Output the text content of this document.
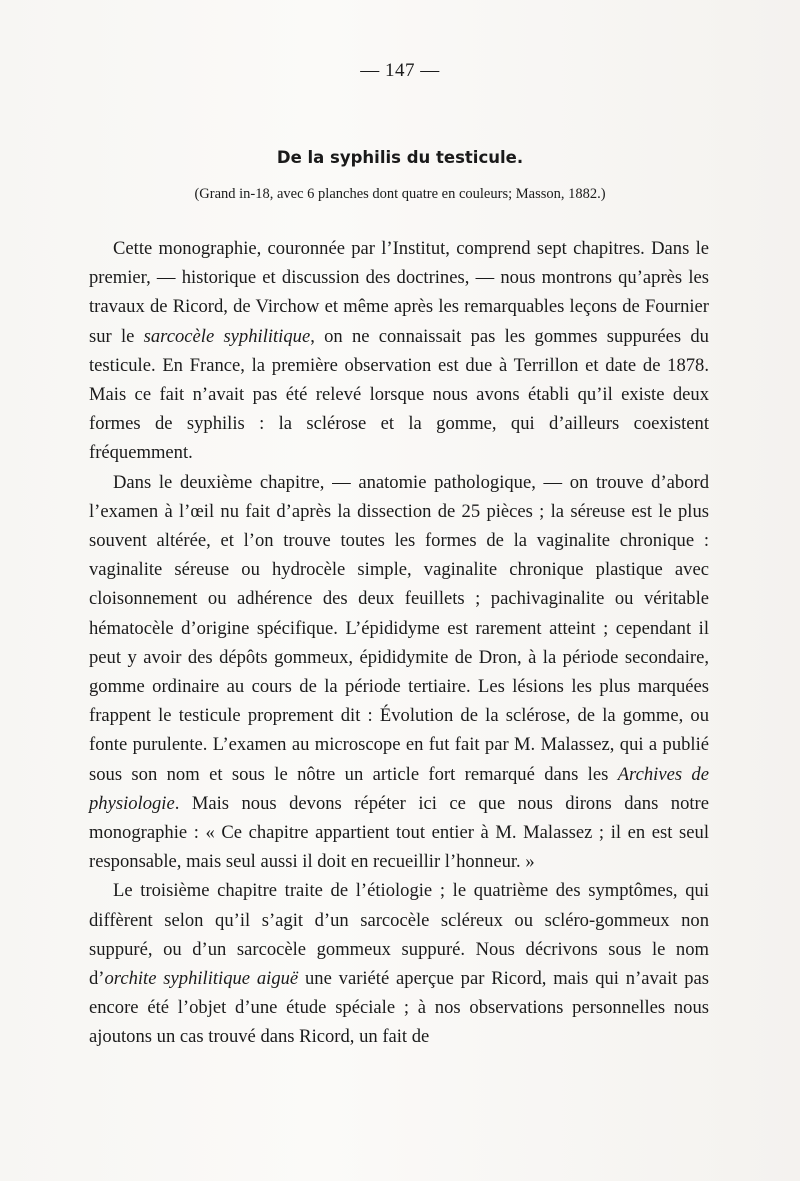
— 147 —
De la syphilis du testicule.
(Grand in-18, avec 6 planches dont quatre en couleurs; Masson, 1882.)

Cette monographie, couronnée par l’Institut, comprend sept chapitres. Dans le premier, — historique et discussion des doctrines, — nous montrons qu’après les travaux de Ricord, de Virchow et même après les remarquables leçons de Fournier sur le sarcocèle syphilitique, on ne connaissait pas les gommes suppurées du testicule. En France, la première observation est due à Terrillon et date de 1878. Mais ce fait n’avait pas été relevé lorsque nous avons établi qu’il existe deux formes de syphilis : la sclérose et la gomme, qui d’ailleurs coexistent fréquemment.

Dans le deuxième chapitre, — anatomie pathologique, — on trouve d’abord l’examen à l’œil nu fait d’après la dissection de 25 pièces ; la séreuse est le plus souvent altérée, et l’on trouve toutes les formes de la vaginalite chronique : vaginalite séreuse ou hydrocèle simple, vaginalite chronique plastique avec cloisonnement ou adhérence des deux feuillets ; pachivaginalite ou véritable hématocèle d’origine spécifique. L’épididyme est rarement atteint ; cependant il peut y avoir des dépôts gommeux, épididymite de Dron, à la période secondaire, gomme ordinaire au cours de la période tertiaire. Les lésions les plus marquées frappent le testicule proprement dit : Évolution de la sclérose, de la gomme, ou fonte purulente. L’examen au microscope en fut fait par M. Malassez, qui a publié sous son nom et sous le nôtre un article fort remarqué dans les Archives de physiologie. Mais nous devons répéter ici ce que nous dirons dans notre monographie : « Ce chapitre appartient tout entier à M. Malassez ; il en est seul responsable, mais seul aussi il doit en recueillir l’honneur. »

Le troisième chapitre traite de l’étiologie ; le quatrième des symptômes, qui diffèrent selon qu’il s’agit d’un sarcocèle scléreux ou scléro-gommeux non suppuré, ou d’un sarcocèle gommeux suppuré. Nous décrivons sous le nom d’orchite syphilitique aiguë une variété aperçue par Ricord, mais qui n’avait pas encore été l’objet d’une étude spéciale ; à nos observations personnelles nous ajoutons un cas trouvé dans Ricord, un fait de
